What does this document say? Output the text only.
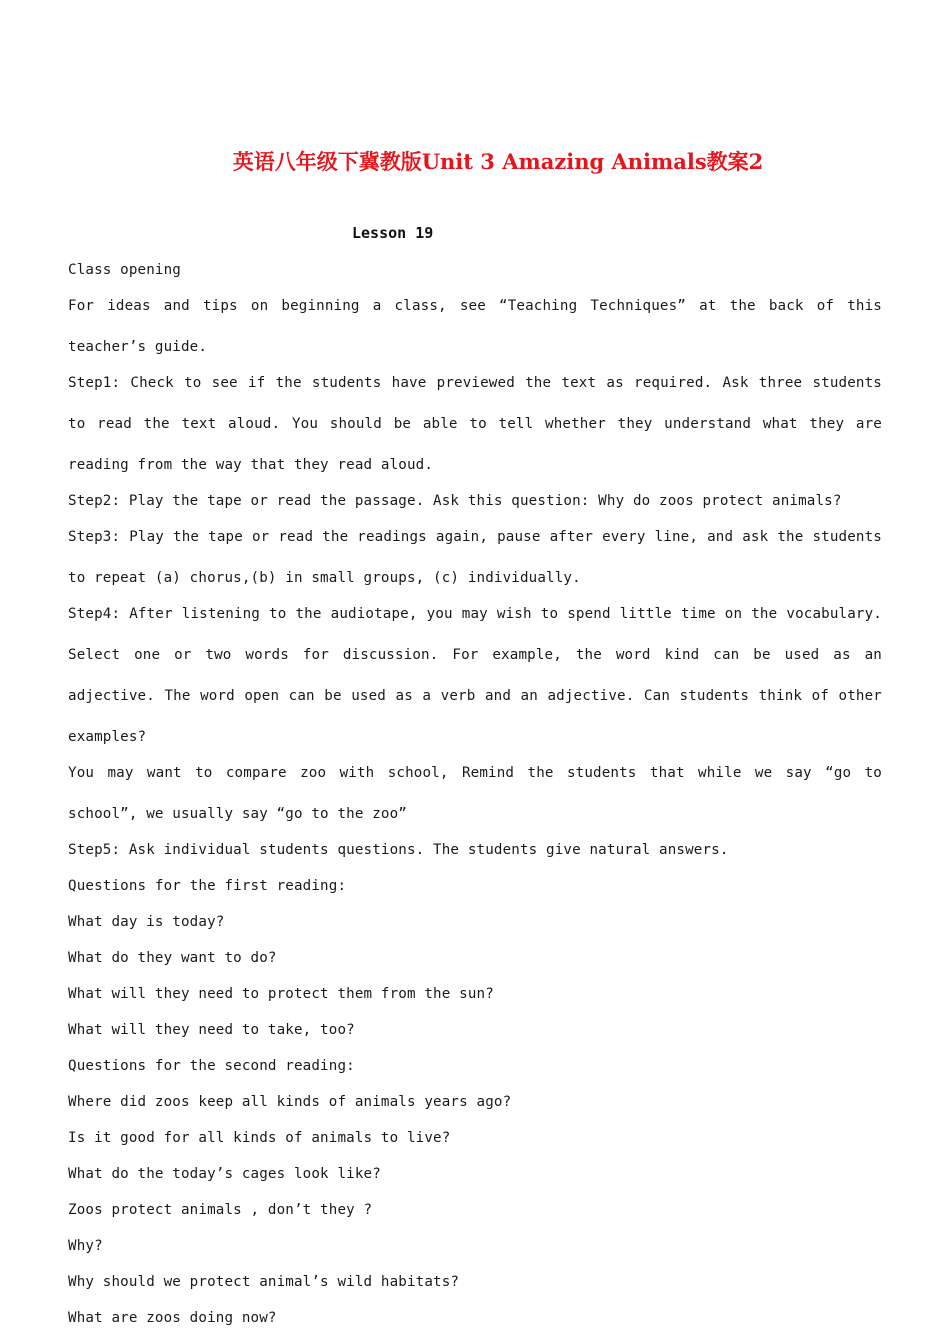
英语八年级下冀教版Unit 3 Amazing Animals教案2
Lesson 19
Class opening
For ideas and tips on beginning a class, see “Teaching Techniques” at the back of this teacher’s guide.
Step1: Check to see if the students have previewed the text as required. Ask three students to read the text aloud. You should be able to tell whether they understand what they are reading from the way that they read aloud.
Step2: Play the tape or read the passage. Ask this question: Why do zoos protect animals?
Step3: Play the tape or read the readings again, pause after every line, and ask the students to repeat (a) chorus,(b) in small groups, (c) individually.
Step4: After listening to the audiotape, you may wish to spend little time on the vocabulary. Select one or two words for discussion. For example, the word kind can be used as an adjective. The word open can be used as a verb and an adjective. Can students think of other examples?
You may want to compare zoo with school, Remind the students that while we say “go to school”, we usually say “go to the zoo”
Step5: Ask individual students questions. The students give natural answers.
Questions for the first reading:
What day is today?
What do they want to do?
What will they need to protect them from the sun?
What will they need to take, too?
Questions for the second reading:
Where did zoos keep all kinds of animals years ago?
Is it good for all kinds of animals to live?
What do the today’s cages look like?
Zoos protect animals , don’t they ?
Why?
Why should we protect animal’s wild habitats?
What are zoos doing now?
